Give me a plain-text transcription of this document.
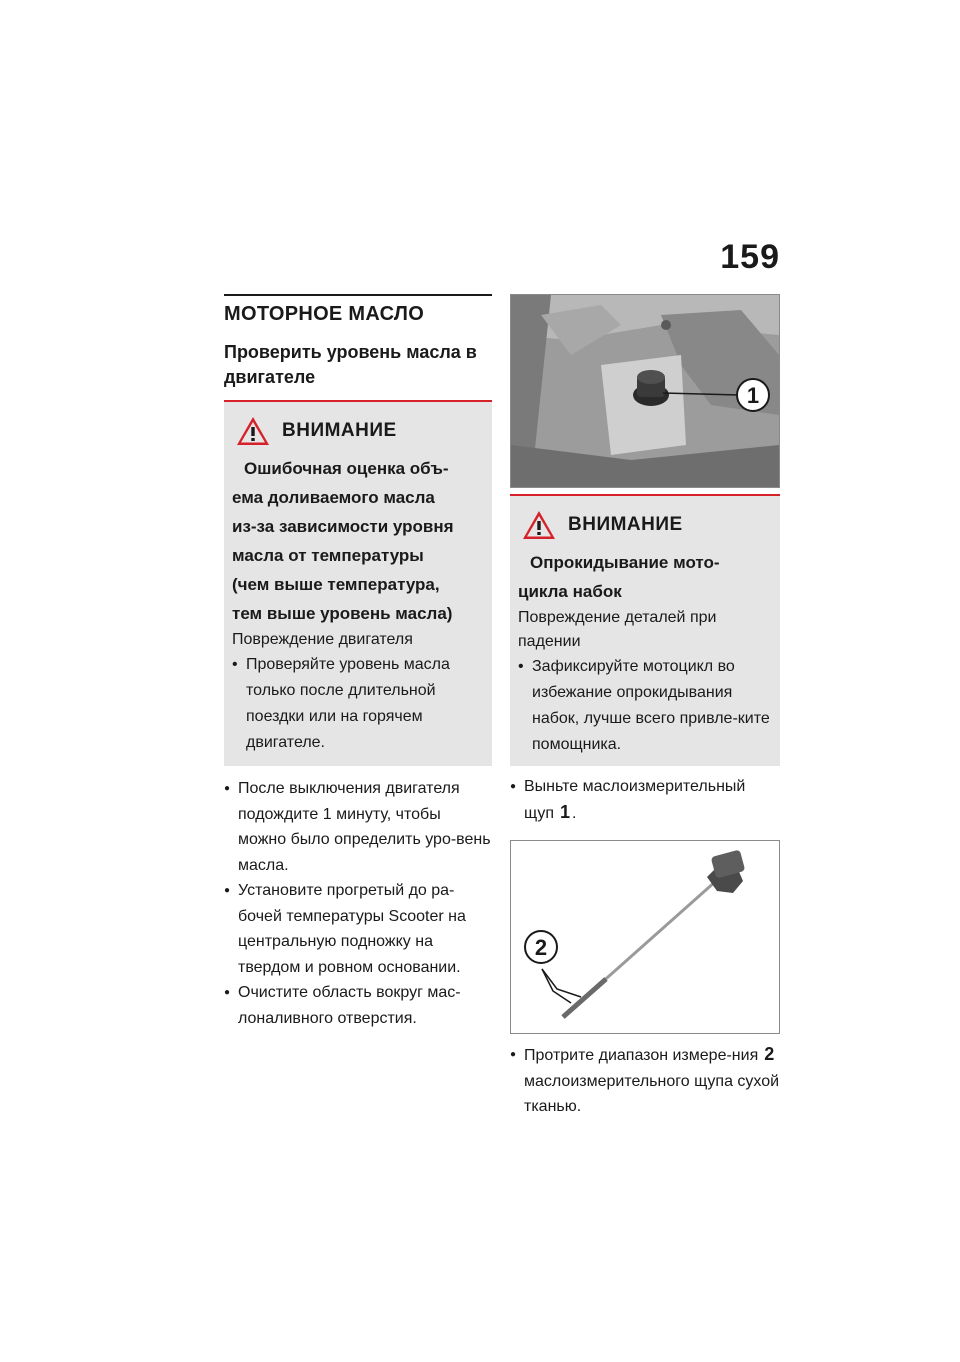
159
МОТОРНОЕ МАСЛО
Проверить уровень масла в двигателе
ВНИМАНИЕ
Ошибочная оценка объ-
ема доливаемого масла
из-за зависимости уровня
масла от температуры
(чем выше температура,
тем выше уровень масла)
Повреждение двигателя
• Проверяйте уровень масла только после длительной поездки или на горячем двигателе.
● После выключения двигателя подождите 1 минуту, чтобы можно было определить уро-вень масла.
● Установите прогретый до ра-бочей температуры Scooter на центральную подножку на твердом и ровном основании.
● Очистите область вокруг мас-лоналивного отверстия.
1
ВНИМАНИЕ
Опрокидывание мото-
цикла набок
Повреждение деталей при падении
• Зафиксируйте мотоцикл во избежание опрокидывания набок, лучше всего привле-ките помощника.
● Выньте маслоизмерительный щуп 1 .
2
● Протрите диапазон измере-ния 2 маслоизмерительного щупа сухой тканью.
